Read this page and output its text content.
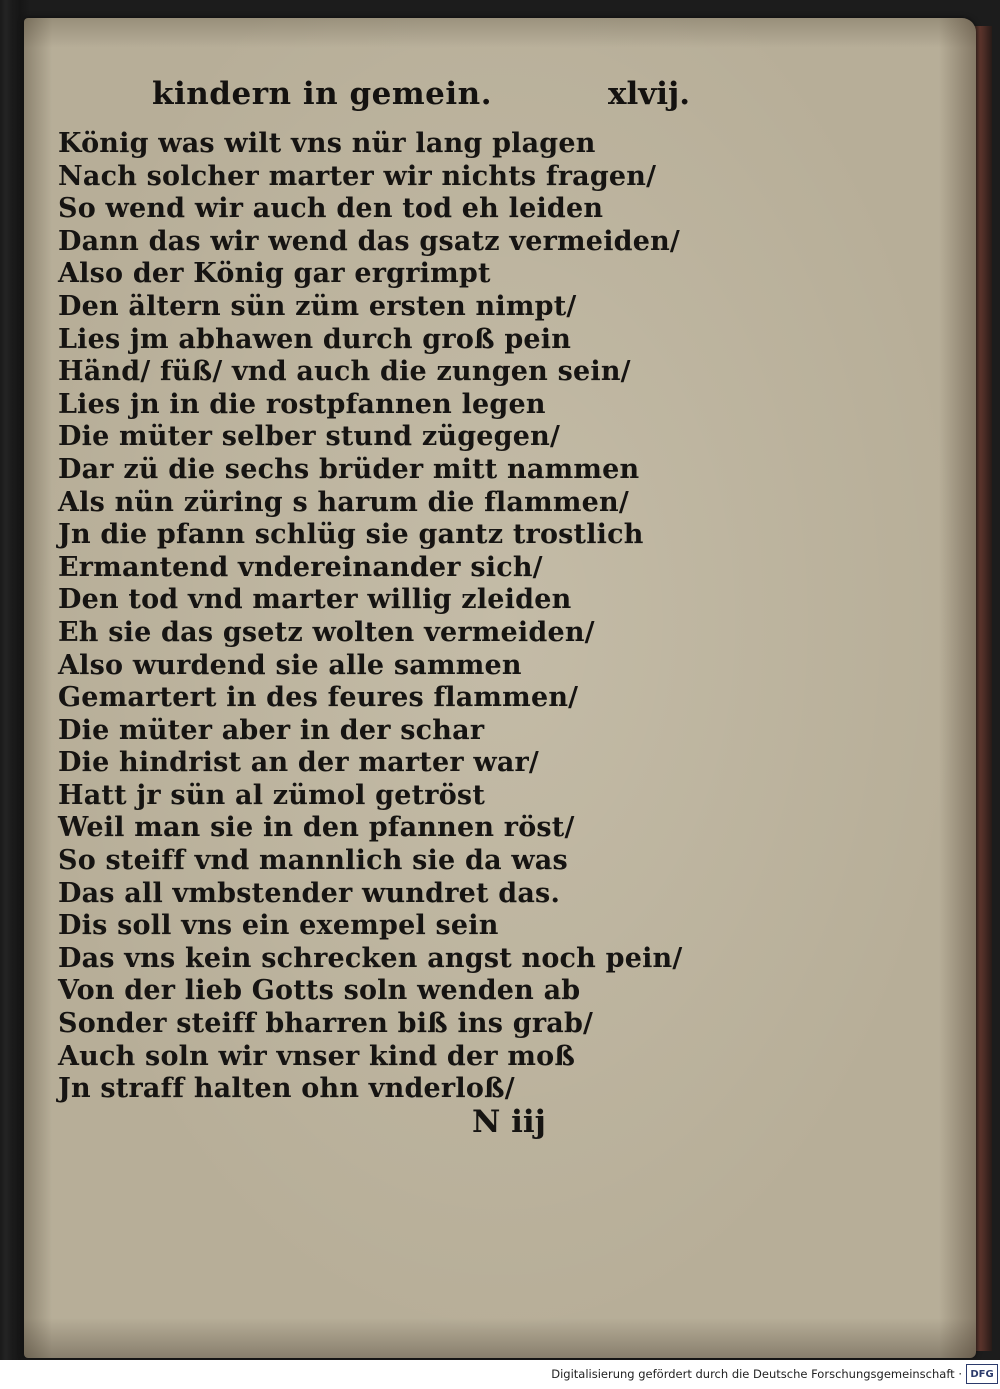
kindern in gemein.	xlvij.
König was wilt vns nür lang plagen
Nach solcher marter wir nichts fragen/
So wend wir auch den tod eh leiden
Dann das wir wend das gsatz vermeiden/
Also der König gar ergrimpt
Den ältern sün züm ersten nimpt/
Lies jm abhawen durch groß pein
Händ/ füß/ vnd auch die zungen sein/
Lies jn in die rostpfannen legen
Die müter selber stund zügegen/
Dar zü die sechs brüder mitt nammen
Als nün züring s harum die flammen/
Jn die pfann schlüg sie gantz trostlich
Ermantend vndereinander sich/
Den tod vnd marter willig zleiden
Eh sie das gsetz wolten vermeiden/
Also wurdend sie alle sammen
Gemartert in des feures flammen/
Die müter aber in der schar
Die hindrist an der marter war/
Hatt jr sün al zümol getröst
Weil man sie in den pfannen röst/
So steiff vnd mannlich sie da was
Das all vmbstender wundret das.
Dis soll vns ein exempel sein
Das vns kein schrecken angst noch pein/
Von der lieb Gotts soln wenden ab
Sonder steiff bharren biß ins grab/
Auch soln wir vnser kind der moß
Jn straff halten ohn vnderloß/
N iij
Digitalisierung gefördert durch die Deutsche Forschungsgemeinschaft · DFG
